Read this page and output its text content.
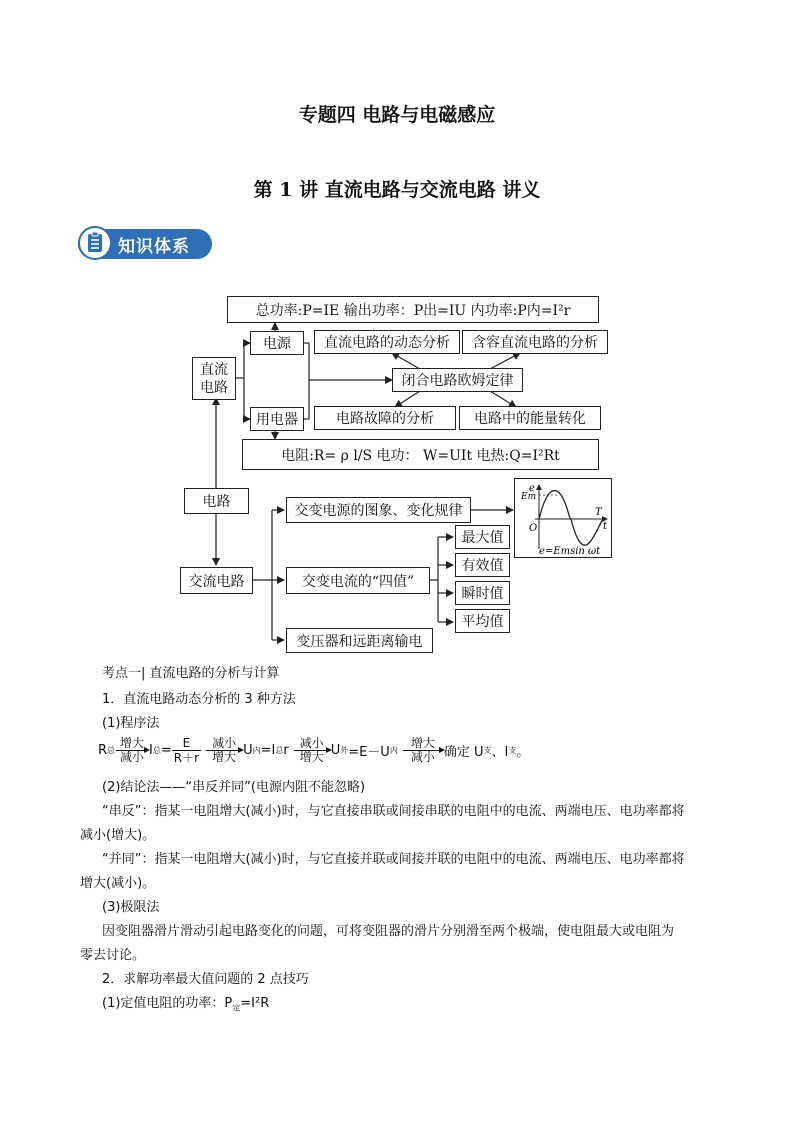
专题四 电路与电磁感应
第 1 讲 直流电路与交流电路 讲义
知识体系
总功率:P=IE 输出功率：P出=IU 内功率:P内=I²r
电源
直流
电路
直流电路的动态分析 含容直流电路的分析
闭合电路欧姆定律
用电器	电路故障的分析	电路中的能量转化
电阻:R= ρ l/S 电功： W=UIt 电热:Q=I²Rt
电路
交流电路
交变电源的图象、变化规律
交变电流的“四值”
变压器和远距离输电
最大值
有效值
瞬时值
平均值
e
Em
O
T
t
e=Emsin ωt
考点一| 直流电路的分析与计算
1．直流电路动态分析的 3 种方法
(1)程序法
R 总
增大
减小 I 总 = $\frac{E}{R+r}$ 减小
增大 U 内 =I 总 r 减小
增大 U 外 =E－U 内
增大
减小 确定 U 支 、I 支 。
(2)结论法——“串反并同”(电源内阻不能忽略)
“串反”：指某一电阻增大(减小)时，与它直接串联或间接串联的电阻中的电流、两端电压、电功率都将
减小(增大)。
“并同”：指某一电阻增大(减小)时，与它直接并联或间接并联的电阻中的电流、两端电压、电功率都将
增大(减小)。
(3)极限法
因变阻器滑片滑动引起电路变化的问题，可将变阻器的滑片分别滑至两个极端，使电阻最大或电阻为
零去讨论。
2．求解功率最大值问题的 2 点技巧
(1)定值电阻的功率：$P_定=I^2R$
